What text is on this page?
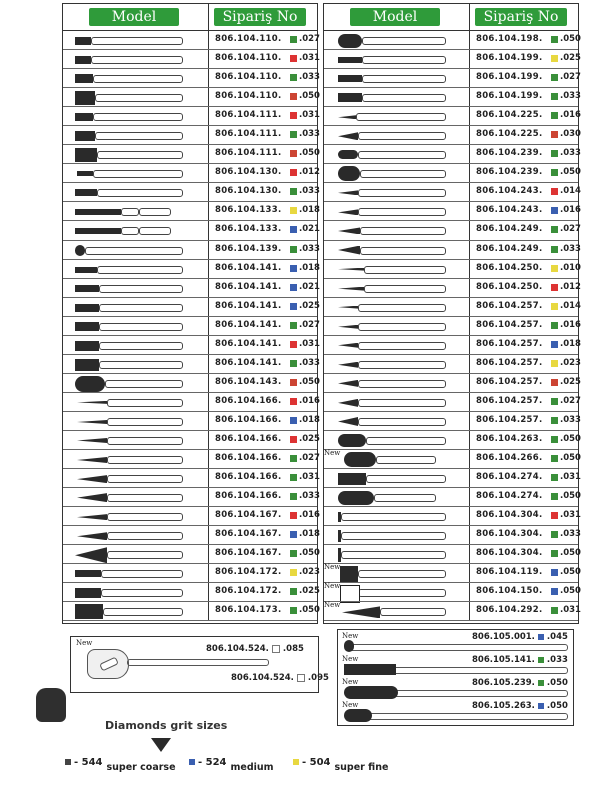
Model	Sipariş No
806.104.110. .027
806.104.110. .031
806.104.110. .033
806.104.110. .050
806.104.111. .031
806.104.111. .033
806.104.111. .050
806.104.130. .012
806.104.130. .033
806.104.133. .018
806.104.133. .021
806.104.139. .033
806.104.141. .018
806.104.141. .021
806.104.141. .025
806.104.141. .027
806.104.141. .031
806.104.141. .033
806.104.143. .050
806.104.166. .016
806.104.166. .018
806.104.166. .025
806.104.166. .027
806.104.166. .031
806.104.166. .033
806.104.167. .016
806.104.167. .018
806.104.167. .050
806.104.172. .023
806.104.172. .025
806.104.173. .050
Model	Sipariş No
806.104.198. .050
806.104.199. .025
806.104.199. .027
806.104.199. .033
806.104.225. .016
806.104.225. .030
806.104.239. .033
806.104.239. .050
806.104.243. .014
806.104.243. .016
806.104.249. .027
806.104.249. .033
806.104.250. .010
806.104.250. .012
806.104.257. .014
806.104.257. .016
806.104.257. .018
806.104.257. .023
806.104.257. .025
806.104.257. .027
806.104.257. .033
806.104.263. .050
New	806.104.266. .050
806.104.274. .031
806.104.274. .050
806.104.304. .031
806.104.304. .033
806.104.304. .050
New	806.104.119. .050
New	806.104.150. .050
New	806.104.292. .031
New
806.104.524. .085
806.104.524. .095
New	806.105.001. .045
New	806.105.141. .033
New	806.105.239. .050
New	806.105.263. .050
Diamonds grit sizes
- 544 super coarse	- 524 medium	- 504 super fine
